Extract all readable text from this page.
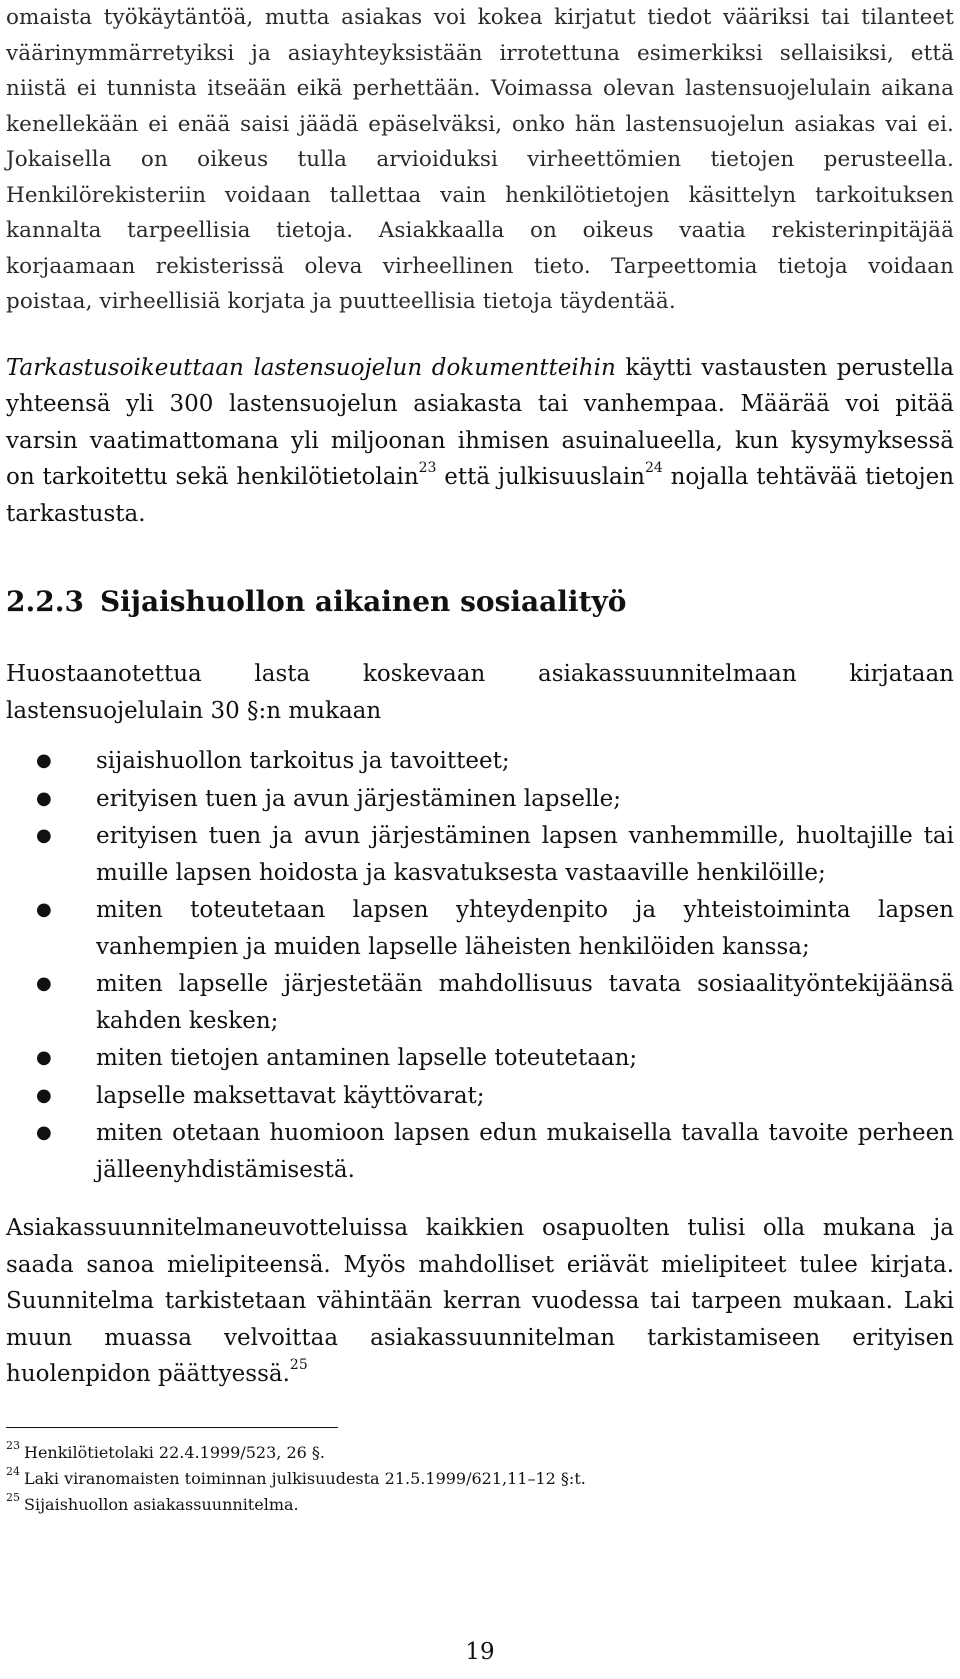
omaista työkäytäntöä, mutta asiakas voi kokea kirjatut tiedot vääriksi tai tilanteet väärinymmärretyiksi ja asiayhteyksistään irrotettuna esimerkiksi sellaisiksi, että niistä ei tunnista itseään eikä perhettään. Voimassa olevan lastensuojelulain aikana kenellekään ei enää saisi jäädä epäselväksi, onko hän lastensuojelun asiakas vai ei. Jokaisella on oikeus tulla arvioiduksi virheettömien tietojen perusteella. Henkilörekisteriin voidaan tallettaa vain henkilötietojen käsittelyn tarkoituksen kannalta tarpeellisia tietoja. Asiakkaalla on oikeus vaatia rekisterinpitäjää korjaamaan rekisterissä oleva virheellinen tieto. Tarpeettomia tietoja voidaan poistaa, virheellisiä korjata ja puutteellisia tietoja täydentää.

Tarkastusoikeuttaan lastensuojelun dokumentteihin käytti vastausten perustella yhteensä yli 300 lastensuojelun asiakasta tai vanhempaa. Määrää voi pitää varsin vaatimattomana yli miljoonan ihmisen asuinalueella, kun kysymyksessä on tarkoitettu sekä henkilötietolain$^{23}$ että julkisuuslain$^{24}$ nojalla tehtävää tietojen tarkastusta.

2.2.3 Sijaishuollon aikainen sosiaalityö

Huostaanotettua lasta koskevaan asiakassuunnitelmaan kirjataan lastensuojelulain 30 §:n mukaan

● sijaishuollon tarkoitus ja tavoitteet;
● erityisen tuen ja avun järjestäminen lapselle;
● erityisen tuen ja avun järjestäminen lapsen vanhemmille, huoltajille tai muille lapsen hoidosta ja kasvatuksesta vastaaville henkilöille;
● miten toteutetaan lapsen yhteydenpito ja yhteistoiminta lapsen vanhempien ja muiden lapselle läheisten henkilöiden kanssa;
● miten lapselle järjestetään mahdollisuus tavata sosiaalityöntekijäänsä kahden kesken;
● miten tietojen antaminen lapselle toteutetaan;
● lapselle maksettavat käyttövarat;
● miten otetaan huomioon lapsen edun mukaisella tavalla tavoite perheen jälleenyhdistämisestä.

Asiakassuunnitelmaneuvotteluissa kaikkien osapuolten tulisi olla mukana ja saada sanoa mielipiteensä. Myös mahdolliset eriävät mielipiteet tulee kirjata. Suunnitelma tarkistetaan vähintään kerran vuodessa tai tarpeen mukaan. Laki muun muassa velvoittaa asiakassuunnitelman tarkistamiseen erityisen huolenpidon päättyessä.$^{25}$

$^{23}$ Henkilötietolaki 22.4.1999/523, 26 §.
$^{24}$ Laki viranomaisten toiminnan julkisuudesta 21.5.1999/621,11–12 §:t.
$^{25}$ Sijaishuollon asiakassuunnitelma.
19
